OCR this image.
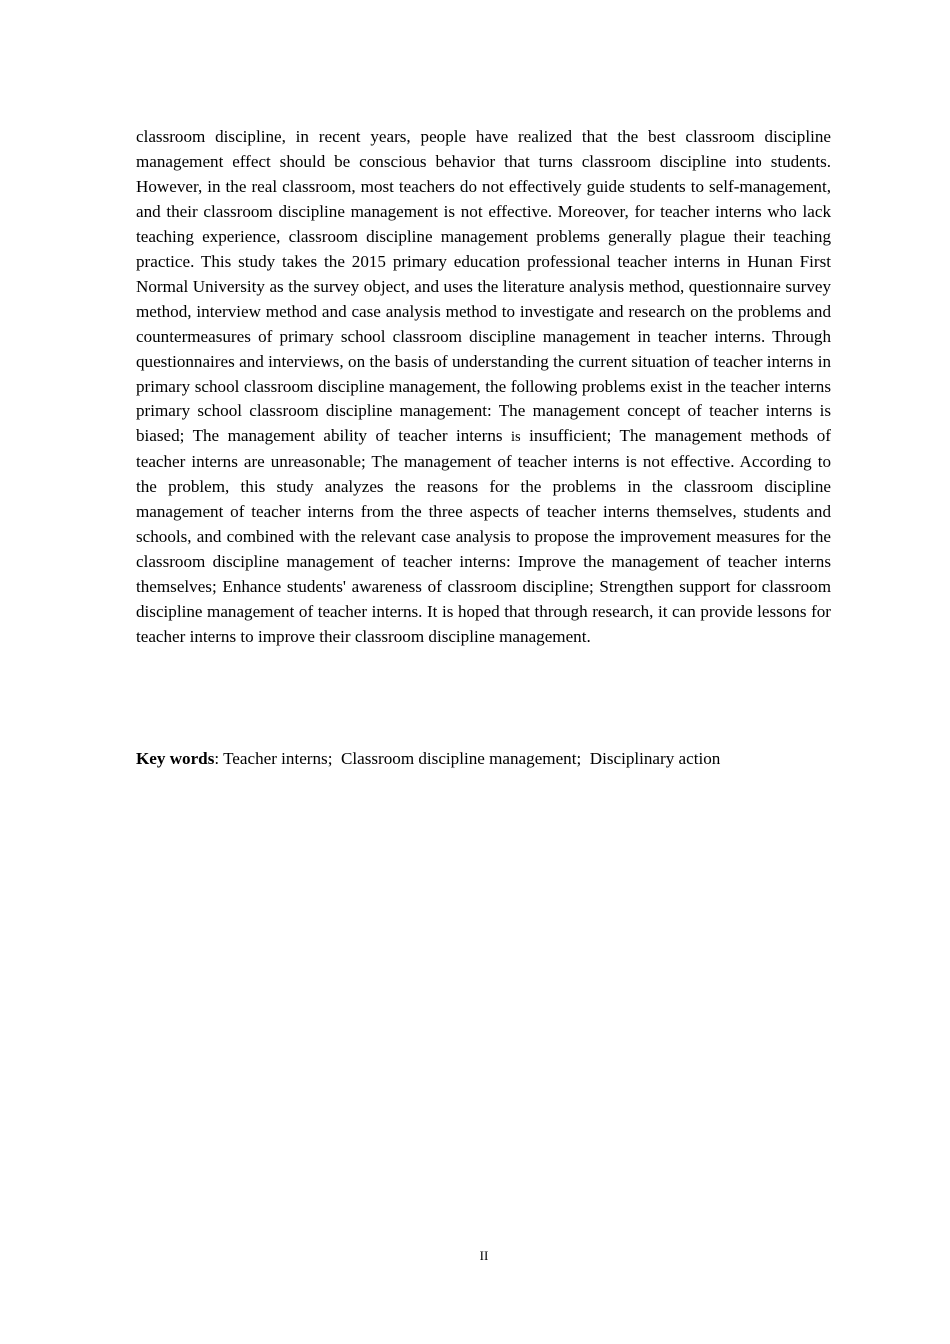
classroom discipline, in recent years, people have realized that the best classroom discipline management effect should be conscious behavior that turns classroom discipline into students. However, in the real classroom, most teachers do not effectively guide students to self-management, and their classroom discipline management is not effective. Moreover, for teacher interns who lack teaching experience, classroom discipline management problems generally plague their teaching practice. This study takes the 2015 primary education professional teacher interns in Hunan First Normal University as the survey object, and uses the literature analysis method, questionnaire survey method, interview method and case analysis method to investigate and research on the problems and countermeasures of primary school classroom discipline management in teacher interns. Through questionnaires and interviews, on the basis of understanding the current situation of teacher interns in primary school classroom discipline management, the following problems exist in the teacher interns primary school classroom discipline management: The management concept of teacher interns is biased; The management ability of teacher interns is insufficient; The management methods of teacher interns are unreasonable; The management of teacher interns is not effective. According to the problem, this study analyzes the reasons for the problems in the classroom discipline management of teacher interns from the three aspects of teacher interns themselves, students and schools, and combined with the relevant case analysis to propose the improvement measures for the classroom discipline management of teacher interns: Improve the management of teacher interns themselves; Enhance students' awareness of classroom discipline; Strengthen support for classroom discipline management of teacher interns. It is hoped that through research, it can provide lessons for teacher interns to improve their classroom discipline management.

Key words: Teacher interns;  Classroom discipline management;  Disciplinary action

II
